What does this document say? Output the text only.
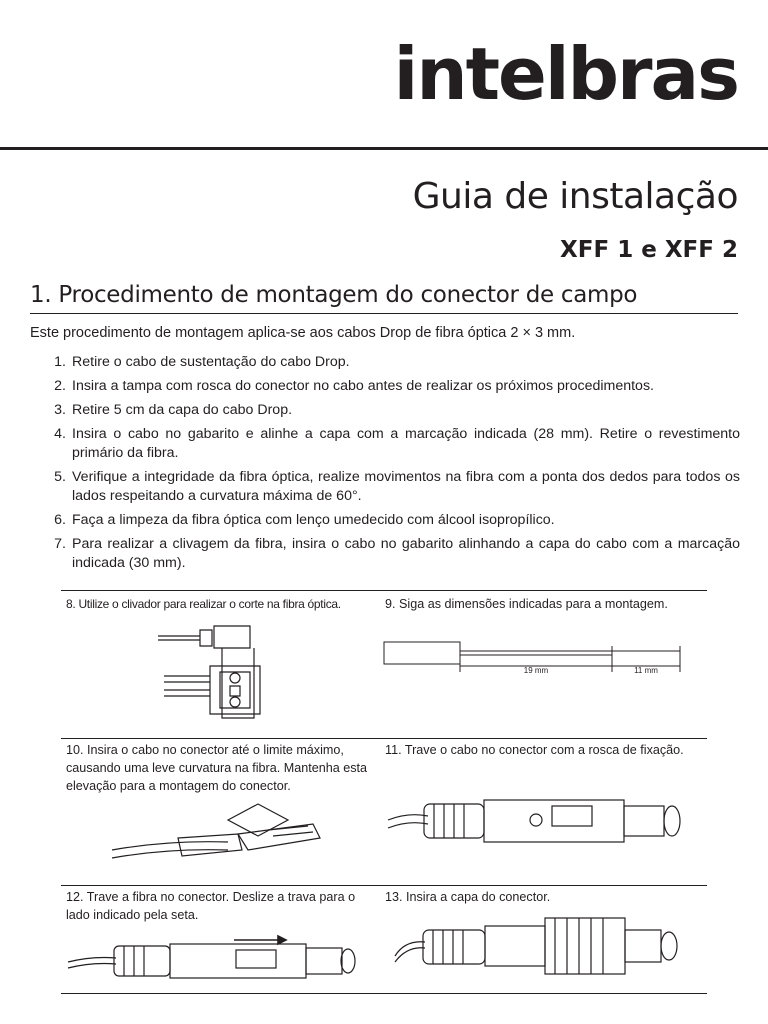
intelbras
Guia de instalação
XFF 1 e XFF 2
1. Procedimento de montagem do conector de campo
Este procedimento de montagem aplica-se aos cabos Drop de fibra óptica 2 × 3 mm.
1. Retire o cabo de sustentação do cabo Drop.
2. Insira a tampa com rosca do conector no cabo antes de realizar os próximos procedimentos.
3. Retire 5 cm da capa do cabo Drop.
4. Insira o cabo no gabarito e alinhe a capa com a marcação indicada (28 mm). Retire o revestimento primário da fibra.
5. Verifique a integridade da fibra óptica, realize movimentos na fibra com a ponta dos dedos para todos os lados respeitando a curvatura máxima de 60°.
6. Faça a limpeza da fibra óptica com lenço umedecido com álcool isopropílico.
7. Para realizar a clivagem da fibra, insira o cabo no gabarito alinhando a capa do cabo com a marcação indicada (30 mm).
8. Utilize o clivador para realizar o corte na fibra óptica.	9. Siga as dimensões indicadas para a montagem.
19 mm	11 mm
10. Insira o cabo no conector até o limite máximo, causando uma leve curvatura na fibra. Mantenha esta elevação para a montagem do conector.
11. Trave o cabo no conector com a rosca de fixação.
12. Trave a fibra no conector. Deslize a trava para o lado indicado pela seta.
13. Insira a capa do conector.
